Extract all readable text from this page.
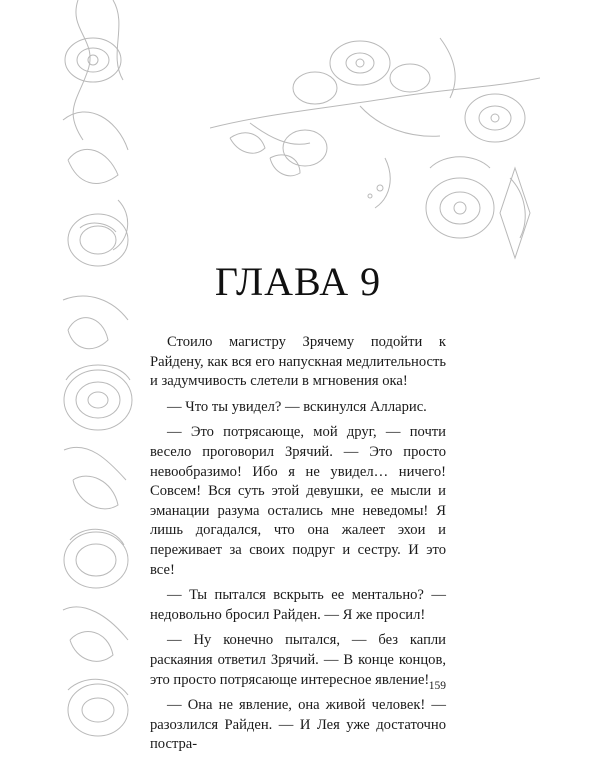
ГЛАВА 9

Стоило магистру Зрячему подойти к Райдену, как вся его напускная медлительность и задумчивость слетели в мгновения ока!

— Что ты увидел? — вскинулся Алларис.

— Это потрясающе, мой друг, — почти весело проговорил Зрячий. — Это просто невообразимо! Ибо я не увидел… ничего! Совсем! Вся суть этой девушки, ее мысли и эманации разума остались мне неведомы! Я лишь догадался, что она жалеет эхои и переживает за своих подруг и сестру. И это все!

— Ты пытался вскрыть ее ментально? — недовольно бросил Райден. — Я же просил!

— Ну конечно пытался, — без капли раскаяния ответил Зрячий. — В конце концов, это просто потрясающе интересное явление!

— Она не явление, она живой человек! — разозлился Райден. — И Лея уже достаточно постра-

159
